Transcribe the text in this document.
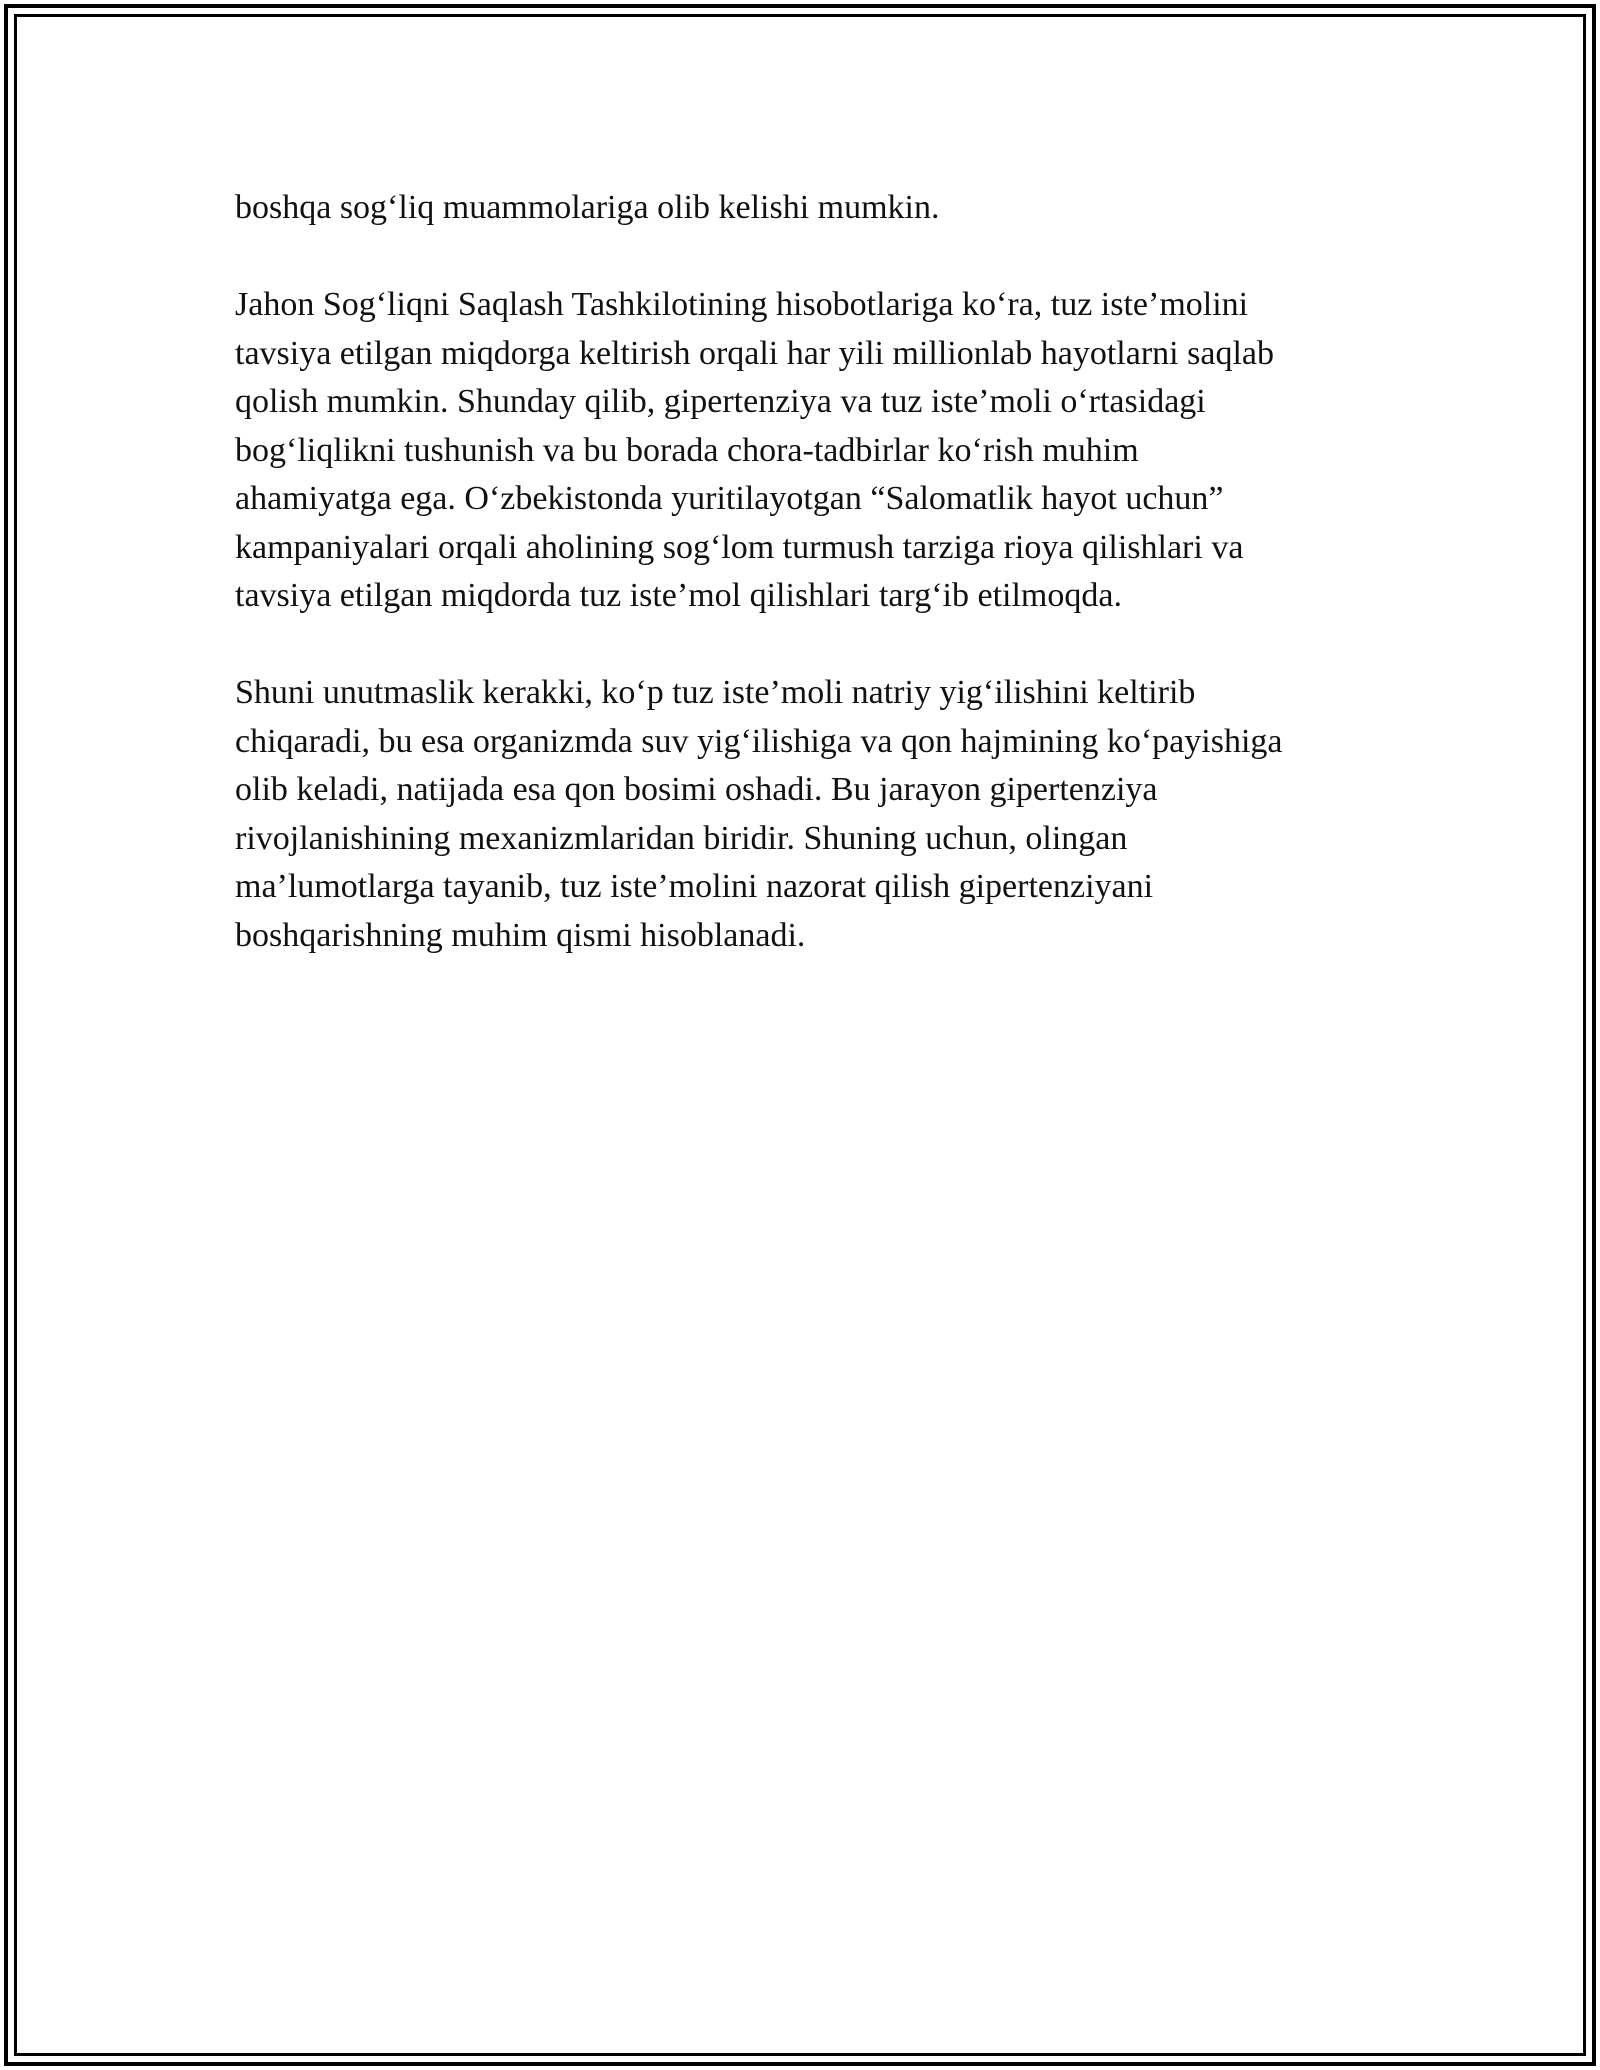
boshqa sog‘liq muammolariga olib kelishi mumkin.

Jahon Sog‘liqni Saqlash Tashkilotining hisobotlariga ko‘ra, tuz iste’molini
tavsiya etilgan miqdorga keltirish orqali har yili millionlab hayotlarni saqlab
qolish mumkin. Shunday qilib, gipertenziya va tuz iste’moli o‘rtasidagi
bog‘liqlikni tushunish va bu borada chora-tadbirlar ko‘rish muhim
ahamiyatga ega. O‘zbekistonda yuritilayotgan “Salomatlik hayot uchun”
kampaniyalari orqali aholining sog‘lom turmush tarziga rioya qilishlari va
tavsiya etilgan miqdorda tuz iste’mol qilishlari targ‘ib etilmoqda.

Shuni unutmaslik kerakki, ko‘p tuz iste’moli natriy yig‘ilishini keltirib
chiqaradi, bu esa organizmda suv yig‘ilishiga va qon hajmining ko‘payishiga
olib keladi, natijada esa qon bosimi oshadi. Bu jarayon gipertenziya
rivojlanishining mexanizmlaridan biridir. Shuning uchun, olingan
ma’lumotlarga tayanib, tuz iste’molini nazorat qilish gipertenziyani
boshqarishning muhim qismi hisoblanadi.
